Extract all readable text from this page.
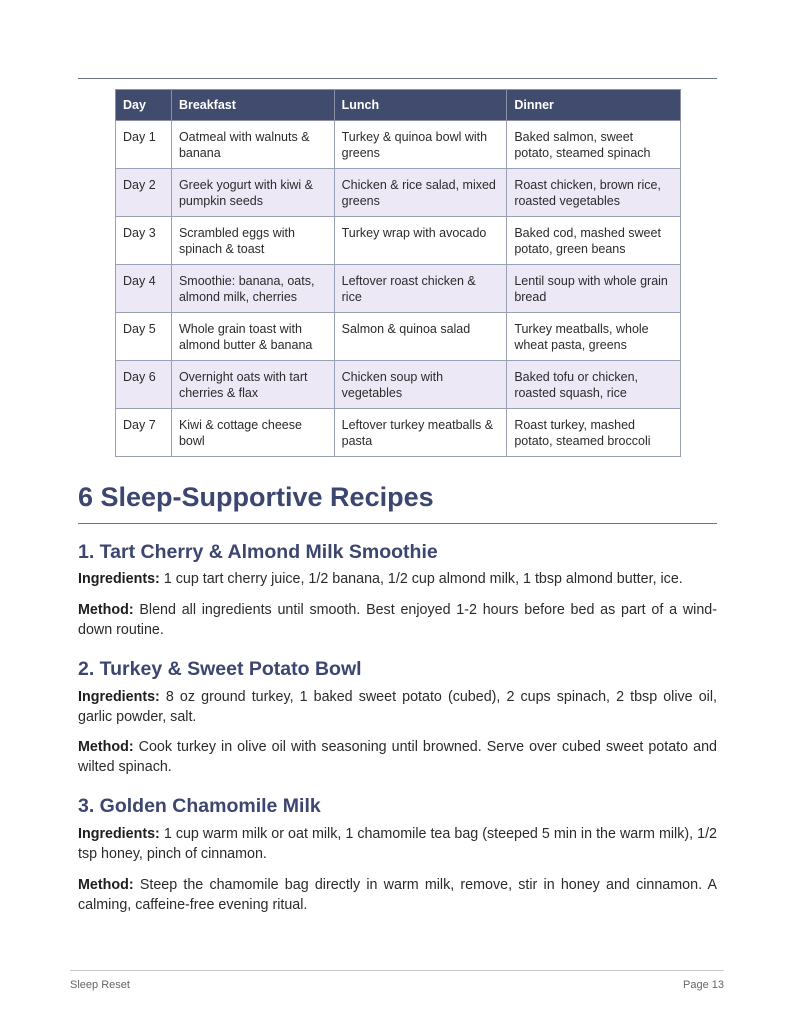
Day	Breakfast	Lunch	Dinner
Day 1	Oatmeal with walnuts & banana	Turkey & quinoa bowl with greens	Baked salmon, sweet potato, steamed spinach
Day 2	Greek yogurt with kiwi & pumpkin seeds	Chicken & rice salad, mixed greens	Roast chicken, brown rice, roasted vegetables
Day 3	Scrambled eggs with spinach & toast	Turkey wrap with avocado	Baked cod, mashed sweet potato, green beans
Day 4	Smoothie: banana, oats, almond milk, cherries	Leftover roast chicken & rice	Lentil soup with whole grain bread
Day 5	Whole grain toast with almond butter & banana	Salmon & quinoa salad	Turkey meatballs, whole wheat pasta, greens
Day 6	Overnight oats with tart cherries & flax	Chicken soup with vegetables	Baked tofu or chicken, roasted squash, rice
Day 7	Kiwi & cottage cheese bowl	Leftover turkey meatballs & pasta	Roast turkey, mashed potato, steamed broccoli
6 Sleep-Supportive Recipes
1. Tart Cherry & Almond Milk Smoothie

Ingredients: 1 cup tart cherry juice, 1/2 banana, 1/2 cup almond milk, 1 tbsp almond butter, ice.

Method: Blend all ingredients until smooth. Best enjoyed 1-2 hours before bed as part of a wind-down routine.

2. Turkey & Sweet Potato Bowl

Ingredients: 8 oz ground turkey, 1 baked sweet potato (cubed), 2 cups spinach, 2 tbsp olive oil, garlic powder, salt.

Method: Cook turkey in olive oil with seasoning until browned. Serve over cubed sweet potato and wilted spinach.

3. Golden Chamomile Milk

Ingredients: 1 cup warm milk or oat milk, 1 chamomile tea bag (steeped 5 min in the warm milk), 1/2 tsp honey, pinch of cinnamon.

Method: Steep the chamomile bag directly in warm milk, remove, stir in honey and cinnamon. A calming, caffeine-free evening ritual.

Sleep Reset	Page 13
